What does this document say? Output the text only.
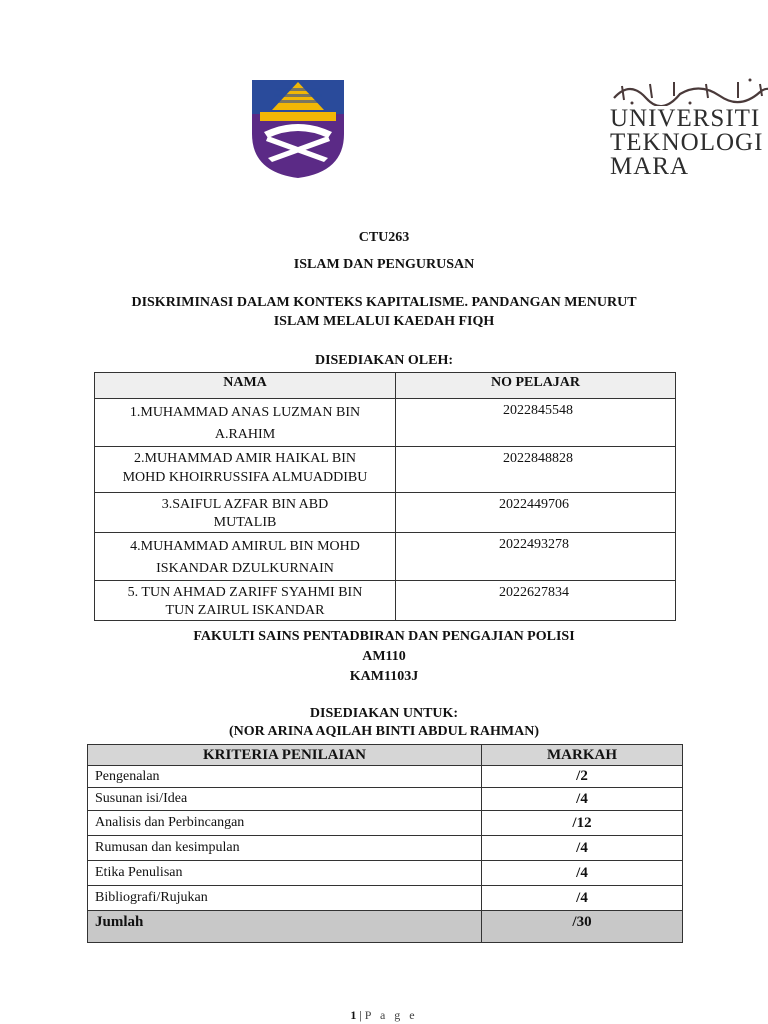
UNIVERSITI
TEKNOLOGI
MARA
CTU263
ISLAM DAN PENGURUSAN
DISKRIMINASI DALAM KONTEKS KAPITALISME. PANDANGAN MENURUT
ISLAM MELALUI KAEDAH FIQH
DISEDIAKAN OLEH:
NAMA	NO PELAJAR
1.MUHAMMAD ANAS LUZMAN BIN
A.RAHIM	2022845548
2.MUHAMMAD AMIR HAIKAL BIN
MOHD KHOIRRUSSIFA ALMUADDIBU	2022848828
3.SAIFUL AZFAR BIN ABD
MUTALIB	2022449706
4.MUHAMMAD AMIRUL BIN MOHD
ISKANDAR DZULKURNAIN	2022493278
5. TUN AHMAD ZARIFF SYAHMI BIN
TUN ZAIRUL ISKANDAR	2022627834
FAKULTI SAINS PENTADBIRAN DAN PENGAJIAN POLISI
AM110
KAM1103J
DISEDIAKAN UNTUK:
(NOR ARINA AQILAH BINTI ABDUL RAHMAN)
KRITERIA PENILAIAN	MARKAH
Pengenalan	/2
Susunan isi/Idea	/4
Analisis dan Perbincangan	/12
Rumusan dan kesimpulan	/4
Etika Penulisan	/4
Bibliografi/Rujukan	/4
Jumlah	/30
1 | P a g e
